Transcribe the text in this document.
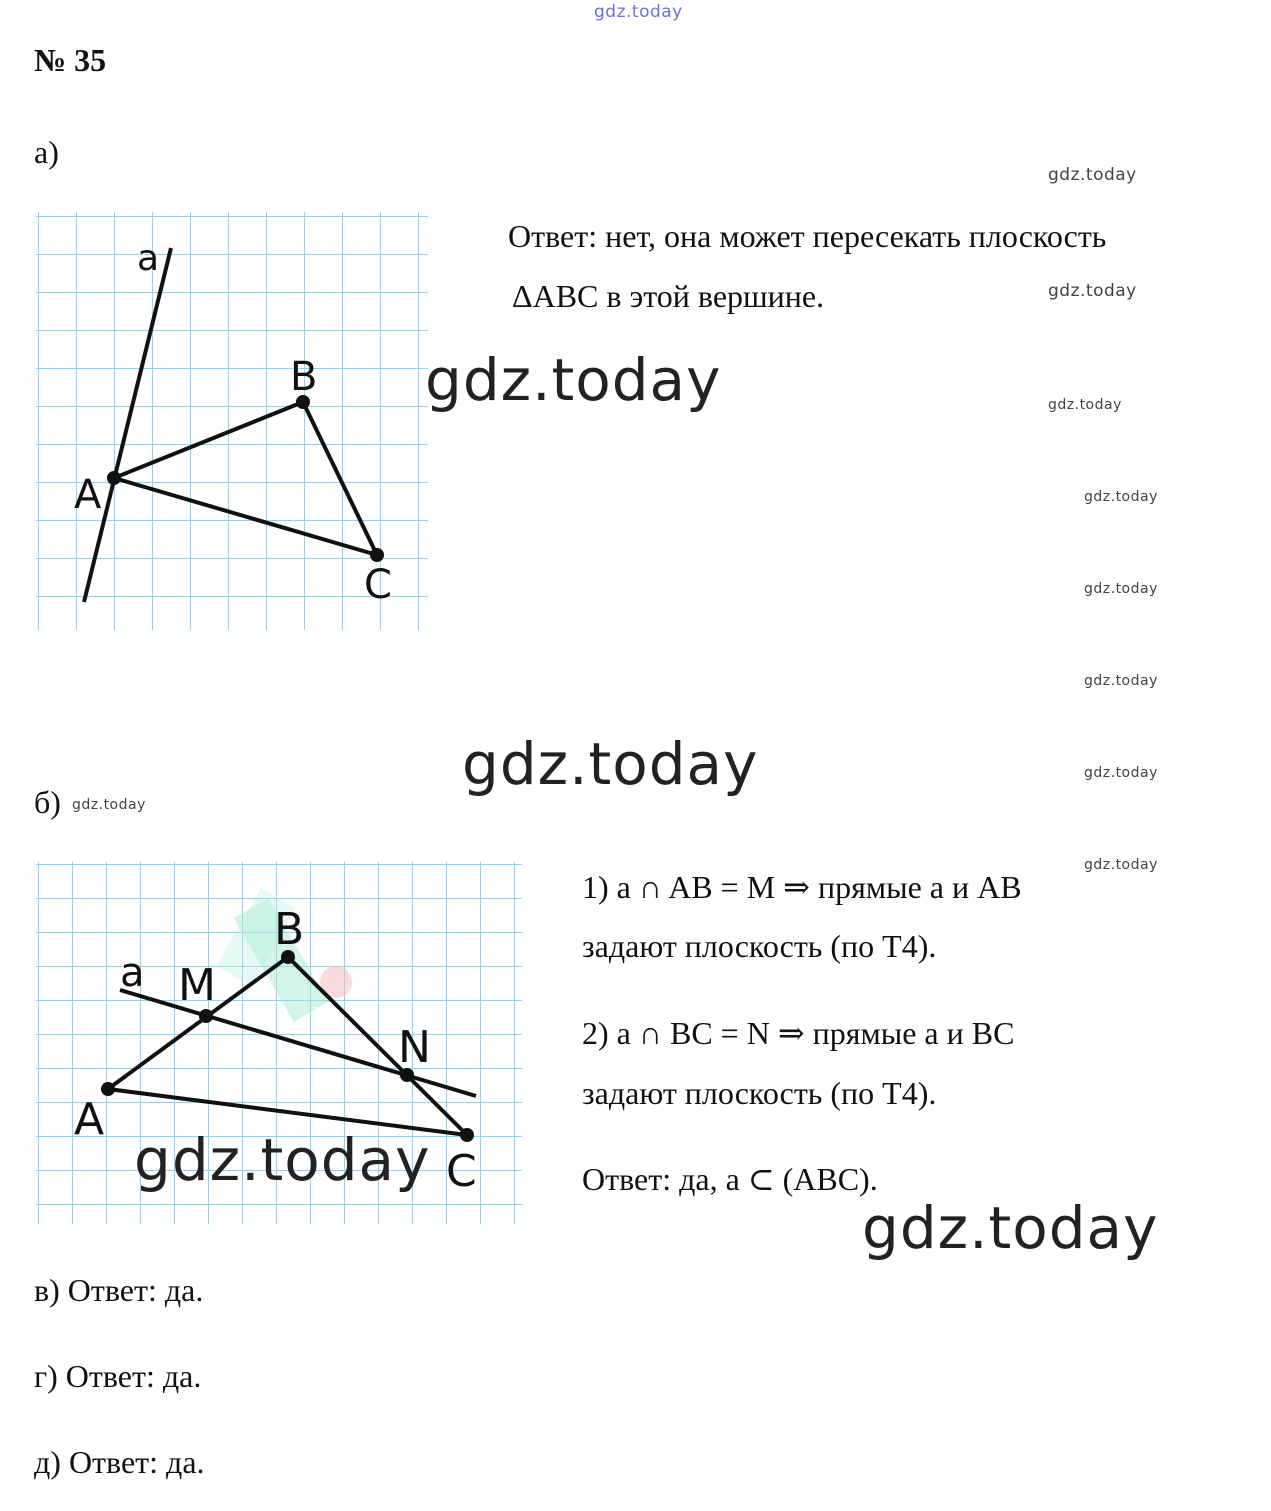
gdz.today
№ 35
а)
a
B
A
C
Ответ: нет, она может пересекать плоскость
ΔABC в этой вершине.
gdz.today
gdz.today
gdz.today
gdz.today
gdz.today
gdz.today
gdz.today
gdz.today
gdz.today
gdz.today
б) gdz.today
a M
B
N
A
C
gdz.today
1) a ∩ AB = M ⇒ прямые a и AB
задают плоскость (по Т4).
2) a ∩ BC = N ⇒ прямые a и BC
задают плоскость (по Т4).
Ответ: да, a ⊂ (ABC).
gdz.today
в) Ответ: да.
г) Ответ: да.
д) Ответ: да.
